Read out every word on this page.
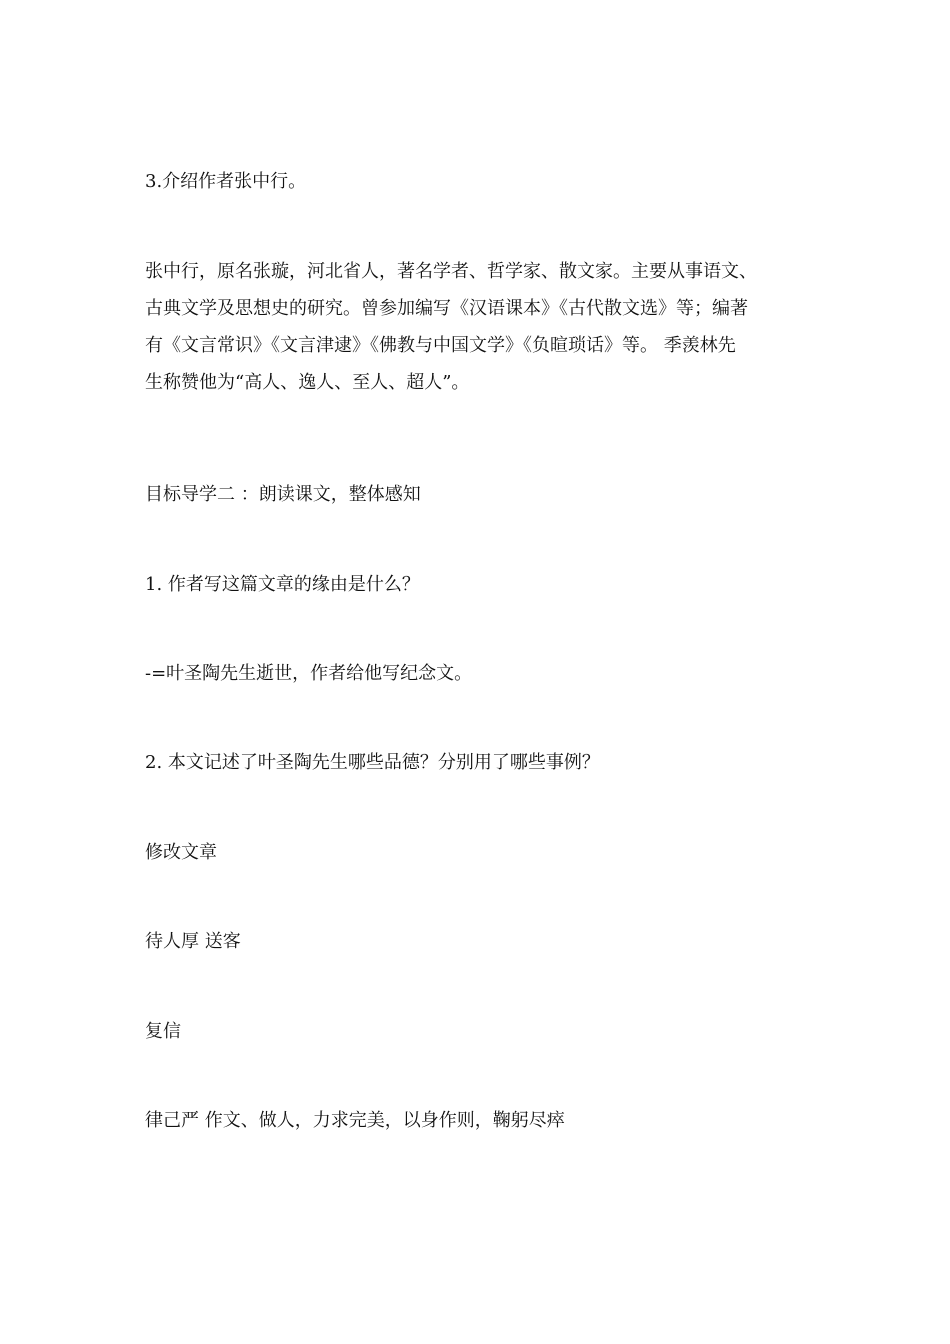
3.介绍作者张中行。

张中行，原名张璇，河北省人，著名学者、哲学家、散文家。主要从事语文、
古典文学及思想史的研究。曾参加编写《汉语课本》《古代散文选》等；编著
有《文言常识》《文言津逮》《佛教与中国文学》《负暄琐话》等。 季羡林先
生称赞他为“高人、逸人、至人、超人”。

目标导学二 ：朗读课文，整体感知

1. 作者写这篇文章的缘由是什么？

-=叶圣陶先生逝世，作者给他写纪念文。

2. 本文记述了叶圣陶先生哪些品德？分别用了哪些事例？

修改文章

待人厚 送客

复信

律己严 作文、做人，力求完美，以身作则，鞠躬尽瘁
